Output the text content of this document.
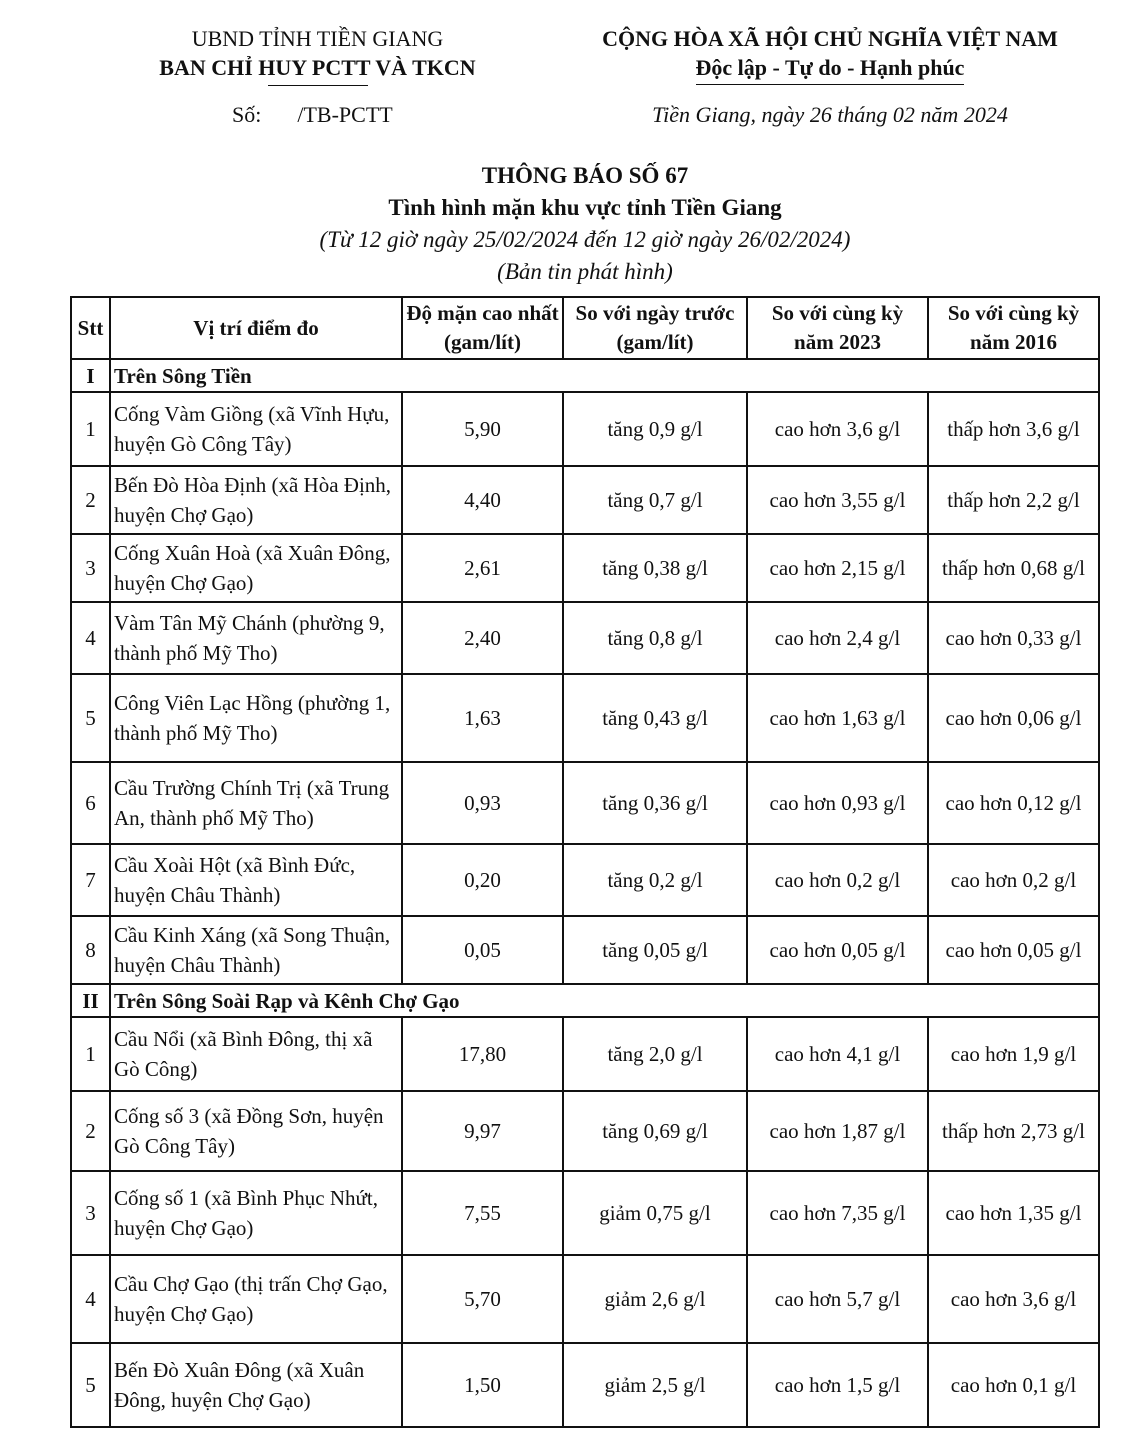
UBND TỈNH TIỀN GIANG
BAN CHỈ HUY PCTT VÀ TKCN
CỘNG HÒA XÃ HỘI CHỦ NGHĨA VIỆT NAM
Độc lập - Tự do - Hạnh phúc
Số: /TB-PCTT	Tiền Giang, ngày 26 tháng 02 năm 2024
THÔNG BÁO SỐ 67
Tình hình mặn khu vực tỉnh Tiền Giang
(Từ 12 giờ ngày 25/02/2024 đến 12 giờ ngày 26/02/2024)
(Bản tin phát hình)
Stt	Vị trí điểm đo	Độ mặn cao nhất (gam/lít)	So với ngày trước (gam/lít)	So với cùng kỳ năm 2023	So với cùng kỳ năm 2016
I	Trên Sông Tiền				
1	Cống Vàm Giồng (xã Vĩnh Hựu, huyện Gò Công Tây)	5,90	tăng 0,9 g/l	cao hơn 3,6 g/l	thấp hơn 3,6 g/l
2	Bến Đò Hòa Định (xã Hòa Định, huyện Chợ Gạo)	4,40	tăng 0,7 g/l	cao hơn 3,55 g/l	thấp hơn 2,2 g/l
3	Cống Xuân Hoà (xã Xuân Đông, huyện Chợ Gạo)	2,61	tăng 0,38 g/l	cao hơn 2,15 g/l	thấp hơn 0,68 g/l
4	Vàm Tân Mỹ Chánh (phường 9, thành phố Mỹ Tho)	2,40	tăng 0,8 g/l	cao hơn 2,4 g/l	cao hơn 0,33 g/l
5	Công Viên Lạc Hồng (phường 1, thành phố Mỹ Tho)	1,63	tăng 0,43 g/l	cao hơn 1,63 g/l	cao hơn 0,06 g/l
6	Cầu Trường Chính Trị (xã Trung An, thành phố Mỹ Tho)	0,93	tăng 0,36 g/l	cao hơn 0,93 g/l	cao hơn 0,12 g/l
7	Cầu Xoài Hột (xã Bình Đức, huyện Châu Thành)	0,20	tăng 0,2 g/l	cao hơn 0,2 g/l	cao hơn 0,2 g/l
8	Cầu Kinh Xáng (xã Song Thuận, huyện Châu Thành)	0,05	tăng 0,05 g/l	cao hơn 0,05 g/l	cao hơn 0,05 g/l
II	Trên Sông Soài Rạp và Kênh Chợ Gạo				
1	Cầu Nổi (xã Bình Đông, thị xã Gò Công)	17,80	tăng 2,0 g/l	cao hơn 4,1 g/l	cao hơn 1,9 g/l
2	Cống số 3 (xã Đồng Sơn, huyện Gò Công Tây)	9,97	tăng 0,69 g/l	cao hơn 1,87 g/l	thấp hơn 2,73 g/l
3	Cống số 1 (xã Bình Phục Nhứt, huyện Chợ Gạo)	7,55	giảm 0,75 g/l	cao hơn 7,35 g/l	cao hơn 1,35 g/l
4	Cầu Chợ Gạo (thị trấn Chợ Gạo, huyện Chợ Gạo)	5,70	giảm 2,6 g/l	cao hơn 5,7 g/l	cao hơn 3,6 g/l
5	Bến Đò Xuân Đông (xã Xuân Đông, huyện Chợ Gạo)	1,50	giảm 2,5 g/l	cao hơn 1,5 g/l	cao hơn 0,1 g/l
